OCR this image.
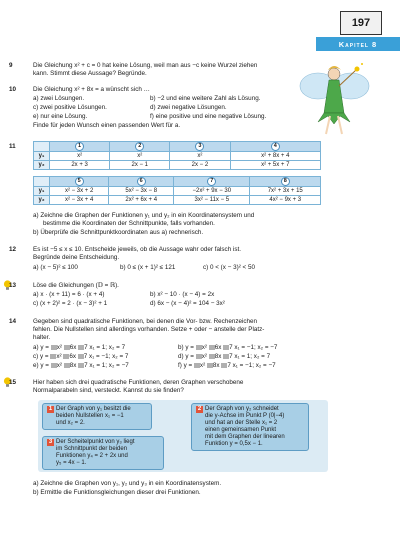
197
Kapitel 8
9	Die Gleichung x² + c = 0 hat keine Lösung, weil man aus −c keine Wurzel ziehen
kann. Stimmt diese Aussage? Begründe.
10	Die Gleichung x² + 8x = a wünscht sich …
a) zwei Lösungen.	b) −2 und eine weitere Zahl als Lösung.
c) zwei positive Lösungen.	d) zwei negative Lösungen.
e) nur eine Lösung.	f) eine positive und eine negative Lösung.
Finde für jeden Wunsch einen passenden Wert für a.
11
		1	2	3	4
y₁	x²	x²	x²	x² + 8x + 4
y₂	2x + 3	2x − 1	2x − 2	x² + 5x + 7
	5	6	7	8
y₁	x² − 3x + 2	5x² − 3x − 8	−2x² + 9x − 30	7x² + 3x + 15
y₂	x² − 3x + 4	2x² + 6x + 4	3x² − 11x − 5	4x² − 9x + 3
a) Zeichne die Graphen der Funktionen y₁ und y₂ in ein Koordinatensystem und
bestimme die Koordinaten der Schnittpunkte, falls vorhanden.
b) Überprüfe die Schnittpunktkoordinaten aus a) rechnerisch.
12	Es ist −5 ≤ x ≤ 10. Entscheide jeweils, ob die Aussage wahr oder falsch ist.
Begründe deine Entscheidung.
a) (x − 5)² ≤ 100	b) 0 ≤ (x + 1)² ≤ 121	c) 0 < (x − 3)² < 50
13	Löse die Gleichungen (𝔻 = ℝ).
a) x · (x + 11) = 6 · (x + 4)	b) x² − 10 · (x − 4) = 2x
c) (x + 2)² = 2 · (x − 3)² + 1	d) 6x − (x − 4)² = 104 − 3x²
14	Gegeben sind quadratische Funktionen, bei denen die Vor- bzw. Rechenzeichen
fehlen. Die Nullstellen sind allerdings vorhanden. Setze + oder − anstelle der Platz-
halter.
a) y = x² 6x 7 x₁ = 1; x₂ = 7	b) y = x² 6x 7 x₁ = −1; x₂ = −7
c) y = x² 6x 7 x₁ = −1; x₂ = 7	d) y = x² 8x 7 x₁ = 1; x₂ = 7
e) y = x² 8x 7 x₁ = 1; x₂ = −7	f) y = x² 8x 7 x₁ = −1; x₂ = −7
15	Hier haben sich drei quadratische Funktionen, deren Graphen verschobene
Normalparabeln sind, versteckt. Kannst du sie finden?
1 Der Graph von y₁ besitzt die
beiden Nullstellen x₁ = −1
und x₂ = 2.
2 Der Graph von y₂ schneidet
die y-Achse im Punkt P (0|−4)
und hat an der Stelle x₁ = 2
einen gemeinsamen Punkt
mit dem Graphen der linearen
Funktion y = 0,5x − 1.
3 Der Scheitelpunkt von y₃ liegt
im Schnittpunkt der beiden
Funktionen y₄ = 2 + 2x und
y₅ = 4x − 1.
a) Zeichne die Graphen von y₁, y₂ und y₃ in ein Koordinatensystem.
b) Ermittle die Funktionsgleichungen dieser drei Funktionen.
